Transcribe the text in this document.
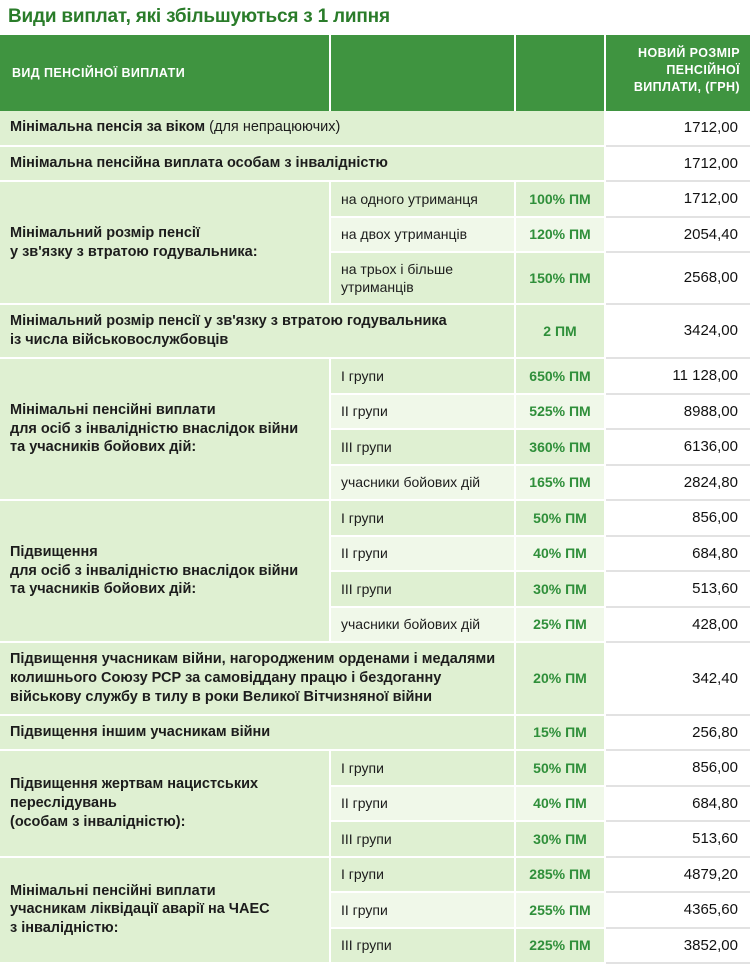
Види виплат, які збільшуються з 1 липня
ВИД ПЕНСІЙНОЇ ВИПЛАТИ			НОВИЙ РОЗМІР ПЕНСІЙНОЇ ВИПЛАТИ, (ГРН)
Мінімальна пенсія за віком (для непрацюючих)			1712,00
Мінімальна пенсійна виплата особам з інвалідністю			1712,00
Мінімальний розмір пенсії
у зв'язку з втратою годувальника:	на одного утриманця	100% ПМ	1712,00
	на двох утриманців	120% ПМ	2054,40
	на трьох і більше утриманців	150% ПМ	2568,00
Мінімальний розмір пенсії у зв'язку з втратою годувальника
із числа військовослужбовців		2 ПМ	3424,00
Мінімальні пенсійні виплати
для осіб з інвалідністю внаслідок війни
та учасників бойових дій:	I групи	650% ПМ	11 128,00
	II групи	525% ПМ	8988,00
	III групи	360% ПМ	6136,00
	учасники бойових дій	165% ПМ	2824,80
Підвищення
для осіб з інвалідністю внаслідок війни
та учасників бойових дій:	I групи	50% ПМ	856,00
	II групи	40% ПМ	684,80
	III групи	30% ПМ	513,60
	учасники бойових дій	25% ПМ	428,00
Підвищення учасникам війни, нагородженим орденами і медалями колишнього Союзу РСР за самовіддану працю і бездоганну військову службу в тилу в роки Великої Вітчизняної війни		20% ПМ	342,40
Підвищення іншим учасникам війни		15% ПМ	256,80
Підвищення жертвам нацистських переслідувань
(особам з інвалідністю):	I групи	50% ПМ	856,00
	II групи	40% ПМ	684,80
	III групи	30% ПМ	513,60
Мінімальні пенсійні виплати
учасникам ліквідації аварії на ЧАЕС
з інвалідністю:	I групи	285% ПМ	4879,20
	II групи	255% ПМ	4365,60
	III групи	225% ПМ	3852,00
